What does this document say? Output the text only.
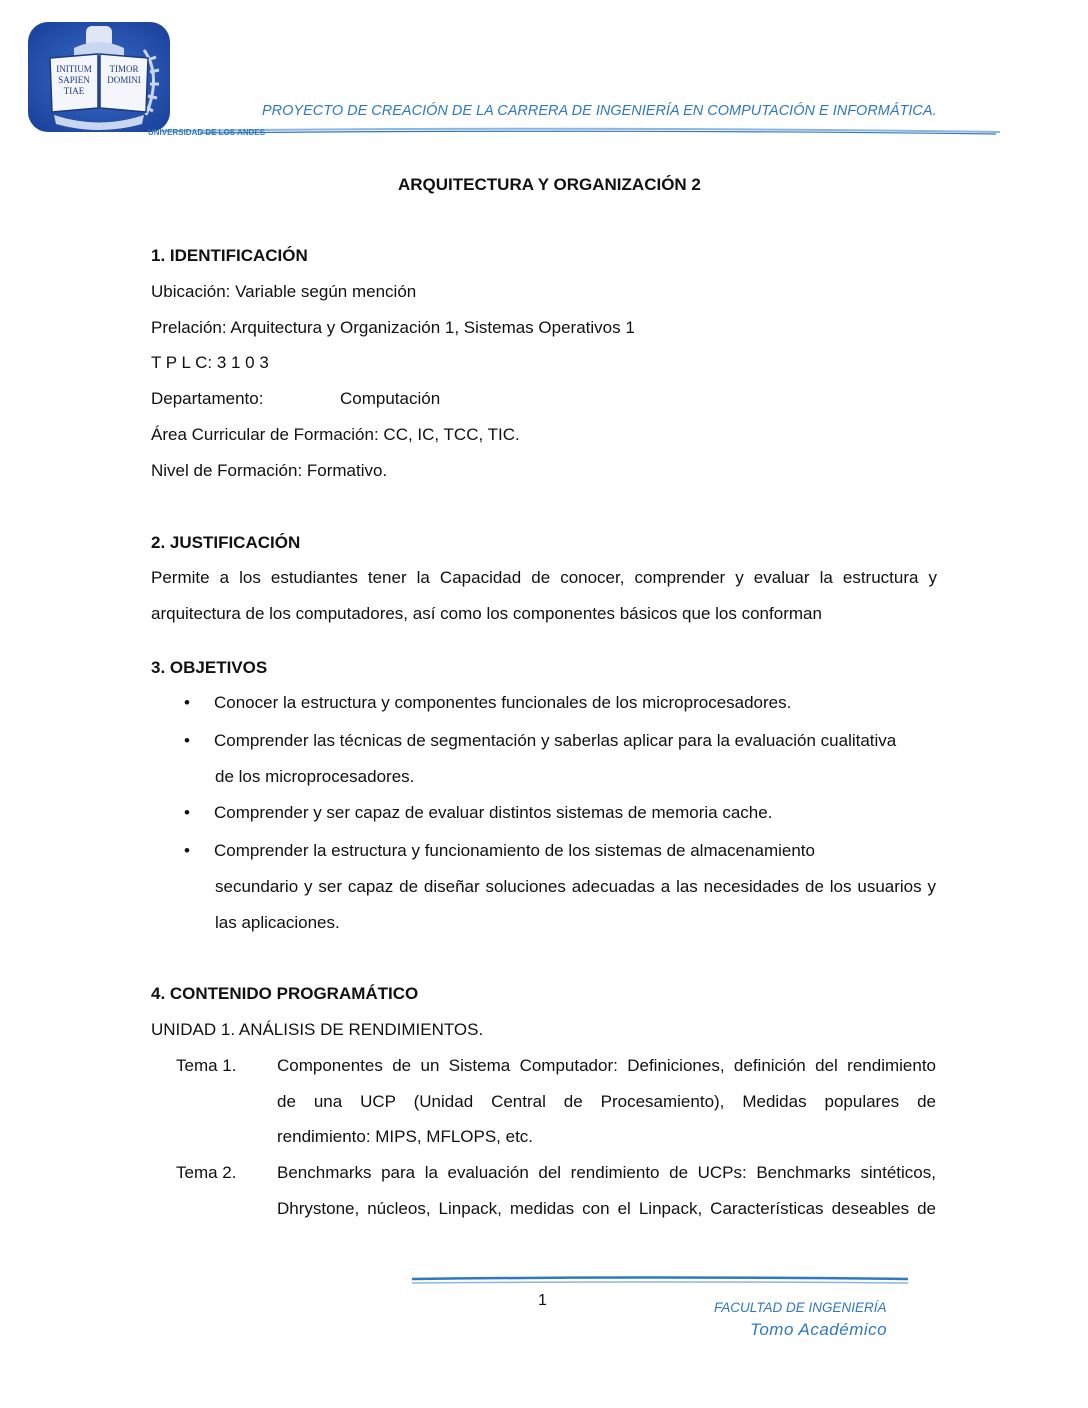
INITIUM
SAPIEN
TIAE
TIMOR
DOMINI
PROYECTO DE CREACIÓN DE LA CARRERA DE INGENIERÍA EN COMPUTACIÓN E INFORMÁTICA.
UNIVERSIDAD DE LOS ANDES
ARQUITECTURA Y ORGANIZACIÓN 2
1. IDENTIFICACIÓN
Ubicación: Variable según mención
Prelación: Arquitectura y Organización 1, Sistemas Operativos 1
T P L C: 3 1 0 3
Departamento:	Computación
Área Curricular de Formación: CC, IC, TCC, TIC.
Nivel de Formación: Formativo.
2. JUSTIFICACIÓN
Permite a los estudiantes tener la Capacidad de conocer, comprender y evaluar la estructura y
arquitectura de los computadores, así como los componentes básicos que los conforman
3. OBJETIVOS
• Conocer la estructura y componentes funcionales de los microprocesadores.
• Comprender las técnicas de segmentación y saberlas aplicar para la evaluación cualitativa
de los microprocesadores.
• Comprender y ser capaz de evaluar distintos sistemas de memoria cache.
• Comprender la estructura y funcionamiento de los sistemas de almacenamiento
secundario y ser capaz de diseñar soluciones adecuadas a las necesidades de los usuarios y
las aplicaciones.
4. CONTENIDO PROGRAMÁTICO
UNIDAD 1. ANÁLISIS DE RENDIMIENTOS.
Tema 1. Componentes de un Sistema Computador: Definiciones, definición del rendimiento
de una UCP (Unidad Central de Procesamiento), Medidas populares de
rendimiento: MIPS, MFLOPS, etc.
Tema 2. Benchmarks para la evaluación del rendimiento de UCPs: Benchmarks sintéticos,
Dhrystone, núcleos, Linpack, medidas con el Linpack, Características deseables de
1	FACULTAD DE INGENIERÍA
Tomo Académico
